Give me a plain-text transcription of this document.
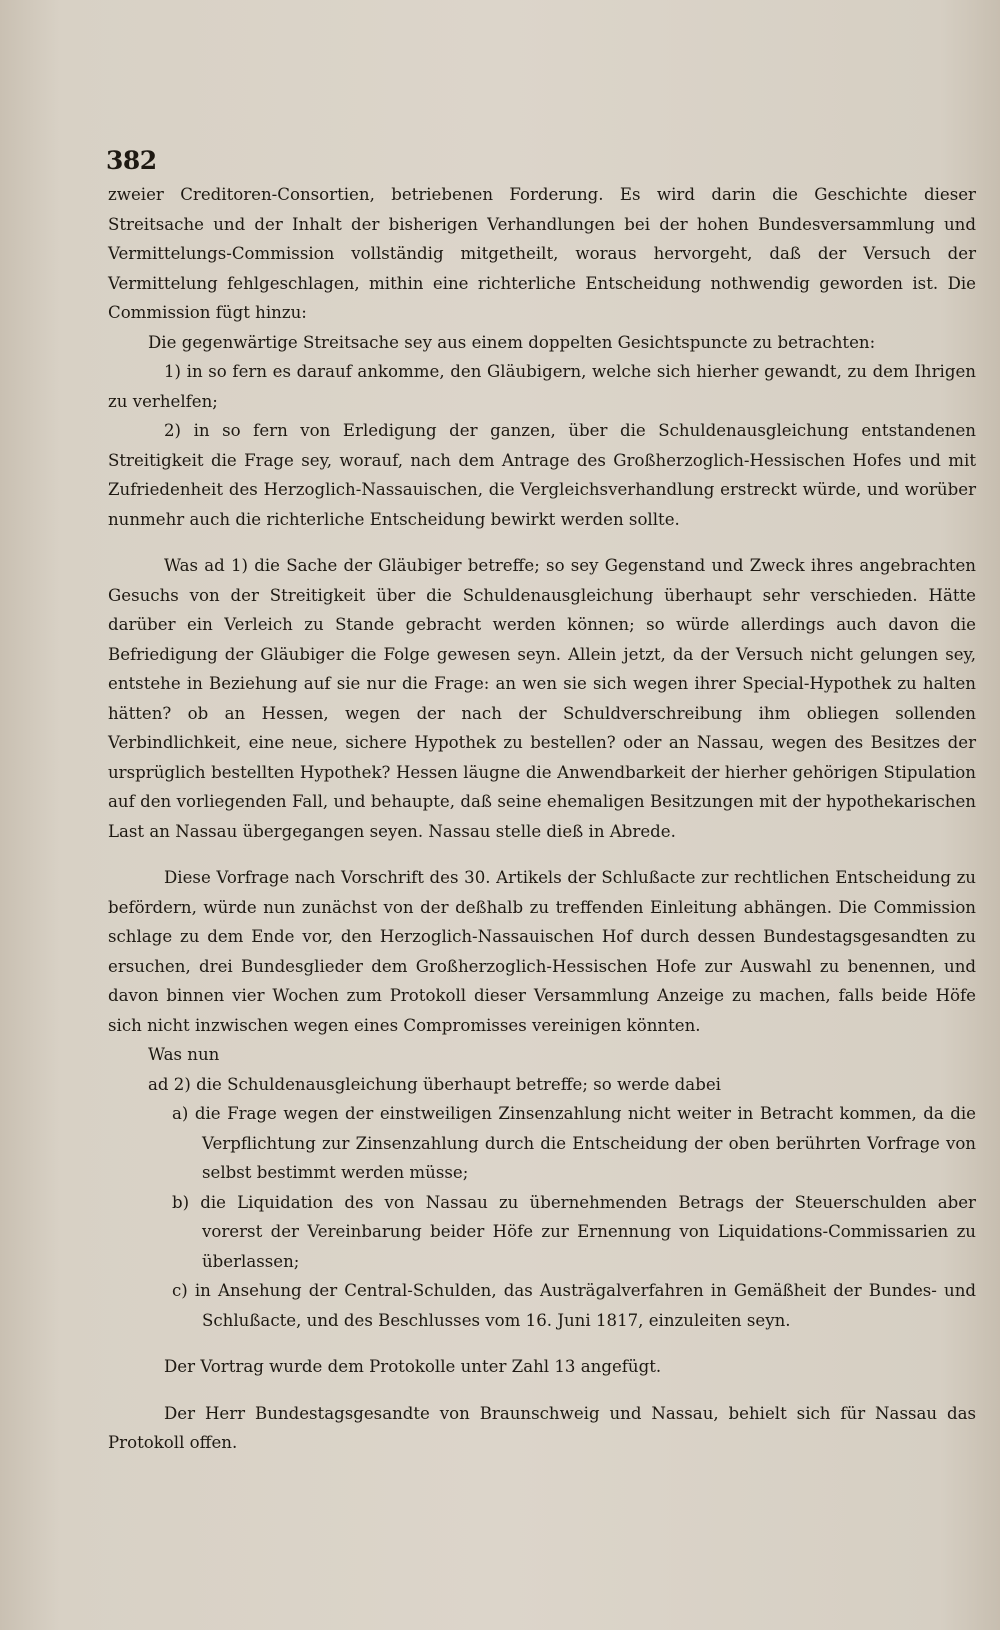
382

zweier Creditoren-Consortien, betriebenen Forderung. Es wird darin die Geschichte dieser Streitsache und der Inhalt der bisherigen Verhandlungen bei der hohen Bundesversammlung und Vermittelungs-Commission vollständig mitgetheilt, woraus hervorgeht, daß der Versuch der Vermittelung fehlgeschlagen, mithin eine richterliche Entscheidung nothwendig geworden ist. Die Commission fügt hinzu:

Die gegenwärtige Streitsache sey aus einem doppelten Gesichtspuncte zu betrachten:

1) in so fern es darauf ankomme, den Gläubigern, welche sich hierher gewandt, zu dem Ihrigen zu verhelfen;

2) in so fern von Erledigung der ganzen, über die Schuldenausgleichung entstandenen Streitigkeit die Frage sey, worauf, nach dem Antrage des Großherzoglich-Hessischen Hofes und mit Zufriedenheit des Herzoglich-Nassauischen, die Vergleichsverhandlung erstreckt würde, und worüber nunmehr auch die richterliche Entscheidung bewirkt werden sollte.

Was ad 1) die Sache der Gläubiger betreffe; so sey Gegenstand und Zweck ihres angebrachten Gesuchs von der Streitigkeit über die Schuldenausgleichung überhaupt sehr verschieden. Hätte darüber ein Verleich zu Stande gebracht werden können; so würde allerdings auch davon die Befriedigung der Gläubiger die Folge gewesen seyn. Allein jetzt, da der Versuch nicht gelungen sey, entstehe in Beziehung auf sie nur die Frage: an wen sie sich wegen ihrer Special-Hypothek zu halten hätten? ob an Hessen, wegen der nach der Schuldverschreibung ihm obliegen sollenden Verbindlichkeit, eine neue, sichere Hypothek zu bestellen? oder an Nassau, wegen des Besitzes der ursprüglich bestellten Hypothek? Hessen läugne die Anwendbarkeit der hierher gehörigen Stipulation auf den vorliegenden Fall, und behaupte, daß seine ehemaligen Besitzungen mit der hypothekarischen Last an Nassau übergegangen seyen. Nassau stelle dieß in Abrede.

Diese Vorfrage nach Vorschrift des 30. Artikels der Schlußacte zur rechtlichen Entscheidung zu befördern, würde nun zunächst von der deßhalb zu treffenden Einleitung abhängen. Die Commission schlage zu dem Ende vor, den Herzoglich-Nassauischen Hof durch dessen Bundestagsgesandten zu ersuchen, drei Bundesglieder dem Großherzoglich-Hessischen Hofe zur Auswahl zu benennen, und davon binnen vier Wochen zum Protokoll dieser Versammlung Anzeige zu machen, falls beide Höfe sich nicht inzwischen wegen eines Compromisses vereinigen könnten.

Was nun

ad 2) die Schuldenausgleichung überhaupt betreffe; so werde dabei

a) die Frage wegen der einstweiligen Zinsenzahlung nicht weiter in Betracht kommen, da die Verpflichtung zur Zinsenzahlung durch die Entscheidung der oben berührten Vorfrage von selbst bestimmt werden müsse;

b) die Liquidation des von Nassau zu übernehmenden Betrags der Steuerschulden aber vorerst der Vereinbarung beider Höfe zur Ernennung von Liquidations-Commissarien zu überlassen;

c) in Ansehung der Central-Schulden, das Austrägalverfahren in Gemäßheit der Bundes- und Schlußacte, und des Beschlusses vom 16. Juni 1817, einzuleiten seyn.

Der Vortrag wurde dem Protokolle unter Zahl 13 angefügt.

Der Herr Bundestagsgesandte von Braunschweig und Nassau, behielt sich für Nassau das Protokoll offen.
